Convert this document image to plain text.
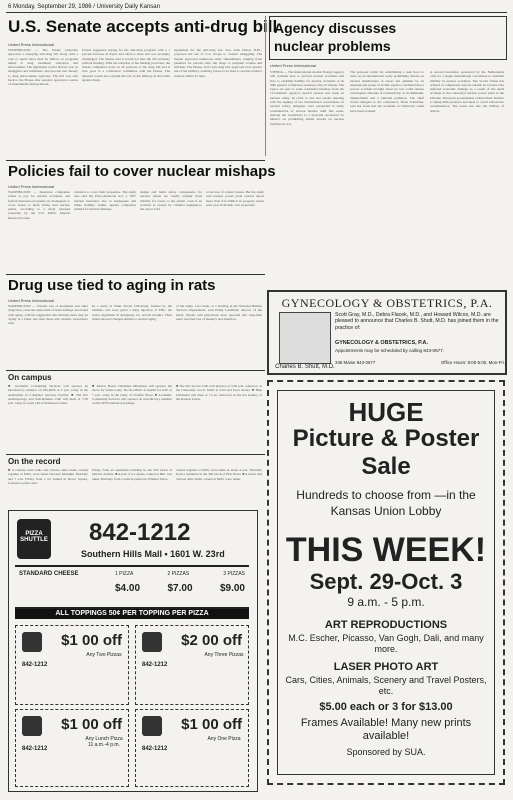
6 Monday, September 29, 1986 / University Daily Kansan
U.S. Senate accepts anti-drug bill
United Press International
WASHINGTON — The Senate yesterday approved a sweeping anti-drug bill along with a vote to spend more than $1 billion on programs aimed at drug treatment, education and enforcement. The legislation would declare war on smugglers and traffickers, and provide new money to drug enforcement agencies. The bill was sent back to the House after senators approved a series of amendments during debate.
Events suggested paying for the anti-drug program with a 1 percent increase in liquor and tobacco taxes and was promptly challenged. The Senate said it would not take the bill seriously without funding. With the adoption of the funding provision, the Senate completed work on all portions of the drug bill and it now goes to a conference committee with the House. The measure would also expand the role of the military in the battle against drugs.
equipment for the anti-drug war. Sen. Alan Dixon, D-Ill., proposed the use of U.S. troops to combat smuggling. The Senate approved numerous other amendments, ranging from penalties for persons who sell drugs to pregnant women and children. The House, in its anti-drug bill, approved even greater use of the military, ordering troops to be used to seal the nation's borders within 45 days.
Agency discusses
nuclear problems
United Press International
VIENNA — The International Atomic Energy Agency will consider how to prevent nuclear accidents and how to establish liability for nuclear accidents at its 30th general conference opening today in Vienna. The topics are part of some scheduled business from the 113-member agency's special session last week on nuclear safety. In order to test last week's meeting with the signing of two international conventions on nuclear safety, delegates were persuaded to delay consideration of several matters until this week. Among the resolutions is a proposal sponsored by Mexico on prohibiting armed attacks on nuclear facilities in war.
The proposal called for establishing a task force to draw up an international treaty prohibiting attacks on nuclear installations. A report last summer by an international group of atomic experts concluded that a reactor accident brought about by war could release catastrophic amounts of radioactivity, as its minimum, displacement and a national pollution. The chief Soviet delegate to the conference, Boris Scherbina, said last week that the accidents at Chernobyl could have been avoided.
A second resolution sponsored by the Netherlands calls for a single international convention to establish liability in nuclear accidents. The Soviet Union has refused to compensate anyone outside its borders who suffered economic damage as a result of the April accident at the Chernobyl nuclear power plant in the Ukraine. European governments ordered their farmers to dump milk products and meat to avoid radioactive contamination. The losses run into the billions of dollars.
Policies fail to cover nuclear mishaps
United Press International
WASHINGTON — Insurance companies refuse to pay for nuclear accidents, and federal insurance programs are inadequate to cover losses to those living near nuclear plants, according to a study released yesterday by the U.S. Public Interest Research Group.
variance to cover their properties. The study also said the Price-Anderson Act, a 1957 nuclear insurance law, is inadequate and limits liability claims against companies blamed for nuclear mishaps.
design and build safety components for nuclear plants are totally exempt from liability for losses to the public, even if an accident is caused by criminal negligence, the report said.
cover loss of contact lenses. But the study said nuclear power plant owners report more than $14 million in property losses each year from their own properties.
Drug use tied to aging in rats
United Press International
WASHINGTON — Chronic use of marijuana and other drugs may cause the same kind of brain damage associated with aging, with the suggestion that habitual users may be 'aging' at a faster rate than those who abstain, researchers said.
In a study at Wake Forest University, funded by the institute, rats were given a daily injection of THC, the active ingredient in marijuana, for several months. Their brains showed changes similar to normal aging.
of the study. Last week, at a briefing at the National Human Services Department, said Philip Landfield, director of the study. Snyder said physicians have reported that long-time users reported loss of memory and attention.
On campus
■ Academic Computing Services will sponsor an introductory seminar on MS-DOS at 2 p.m. today in the auditorium of Computer Services Facility. ■ The KU Anthropology and Self-Defense Club will meet at 7:30 p.m. today in room 146 of Robinson Center.
■ Mortar Board Christmas Ministries will sponsor the move for beans today. 'Rock-a-Bulb' A benefit for GaF, at 7 p.m. today in the lobby of Stouffer Place. ■ Academic Computing Services will sponsor an introductory seminar on the SPSS statistical package.
■ The KU Soccer Club will practice at 5:30 p.m. tomorrow at the University soccer fields at 23rd and Iowa streets. ■ Blue Unlimited will meet at 7 p.m. tomorrow in the Art Gallery of the Kansas Union.
On the record
■ A citizens band radio and various other items, valued together at $395, were taken between midnight Thursday and 7 a.m. Friday from a car parked in Dover Square, Lawrence police said.
Friday from an apartment building in the 500 block of Ontario Avenue. ■ A pair of ice skates, valued at $60, was taken Thursday from a vehicle parked in Windsor Place.
valued together at $160, were taken at about 4 p.m. Thursday from a residence in the 300 block of Elm Street. ■ A stereo and various other items, valued at $285, were taken.
PIZZA SHUTTLE 842-1212
Southern Hills Mall • 1601 W. 23rd
STANDARD CHEESE	1 PIZZA	2 PIZZAS	3 PIZZAS
$4.00	$7.00	$9.00
ALL TOPPINGS 50¢ PER TOPPING PER PIZZA
$1 00 off
Any Two Pizzas
842-1212
$2 00 off
Any Three Pizzas
842-1212
$1 00 off
Any Lunch Pizza 11 a.m.-4 p.m.
842-1212
$1 00 off
Any One Pizza
842-1212
GYNECOLOGY & OBSTETRICS, P.A.
Charles B. Shutt, M.D.
Scott Gray, M.D., Debra Flacek, M.D., and Howard Wilcox, M.D. are pleased to announce that Charles B. Shutt, M.D. has joined them in the practice of:
GYNECOLOGY & OBSTETRICS, P.A.
Appointments may be scheduled by calling 843-0677.
346 Maine 843-0677	Office Hours: 9:00-5:00, Mon-Fri.
HUGE
Picture & Poster
Sale
Hundreds to choose from —in the Kansas Union Lobby
THIS WEEK!
Sept. 29-Oct. 3
9 a.m. - 5 p.m.
ART REPRODUCTIONS
M.C. Escher, Picasso, Van Gogh, Dali, and many more.
LASER PHOTO ART
Cars, Cities, Animals, Scenery and Travel Posters, etc.
$5.00 each or 3 for $13.00
Frames Available! Many new prints available!
Sponsored by SUA.
